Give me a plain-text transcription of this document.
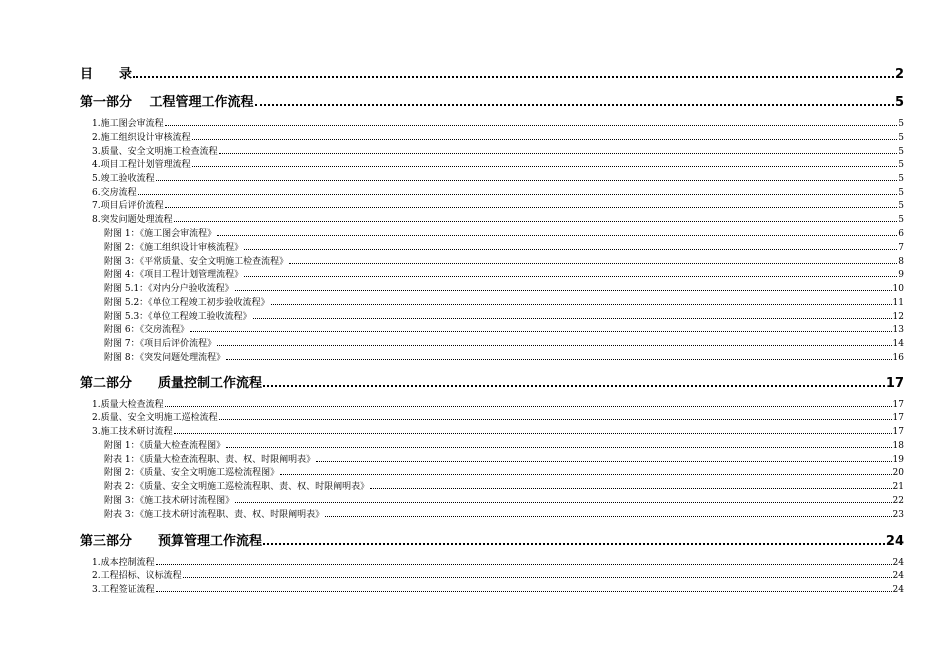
目　　录	2
第一部分　 工程管理工作流程	5
1.施工图会审流程	5
2.施工组织设计审核流程	5
3.质量、安全文明施工检查流程	5
4.项目工程计划管理流程	5
5.竣工验收流程	5
6.交房流程	5
7.项目后评价流程	5
8.突发问题处理流程	5
附图 1：《施工图会审流程》	6
附图 2：《施工组织设计审核流程》	7
附图 3：《平常质量、安全文明施工检查流程》	8
附图 4：《项目工程计划管理流程》	9
附图 5.1：《对内分户验收流程》	10
附图 5.2：《单位工程竣工初步验收流程》	11
附图 5.3：《单位工程竣工验收流程》	12
附图 6：《交房流程》	13
附图 7：《项目后评价流程》	14
附图 8：《突发问题处理流程》	16
第二部分　　质量控制工作流程	17
1.质量大检查流程	17
2.质量、安全文明施工巡检流程	17
3.施工技术研讨流程	17
附图 1：《质量大检查流程图》	18
附表 1：《质量大检查流程职、责、权、时限阐明表》	19
附图 2：《质量、安全文明施工巡检流程图》	20
附表 2：《质量、安全文明施工巡检流程职、责、权、时限阐明表》	21
附图 3：《施工技术研讨流程图》	22
附表 3：《施工技术研讨流程职、责、权、时限阐明表》	23
第三部分　　预算管理工作流程	24
1.成本控制流程	24
2.工程招标、议标流程	24
3.工程签证流程	24
